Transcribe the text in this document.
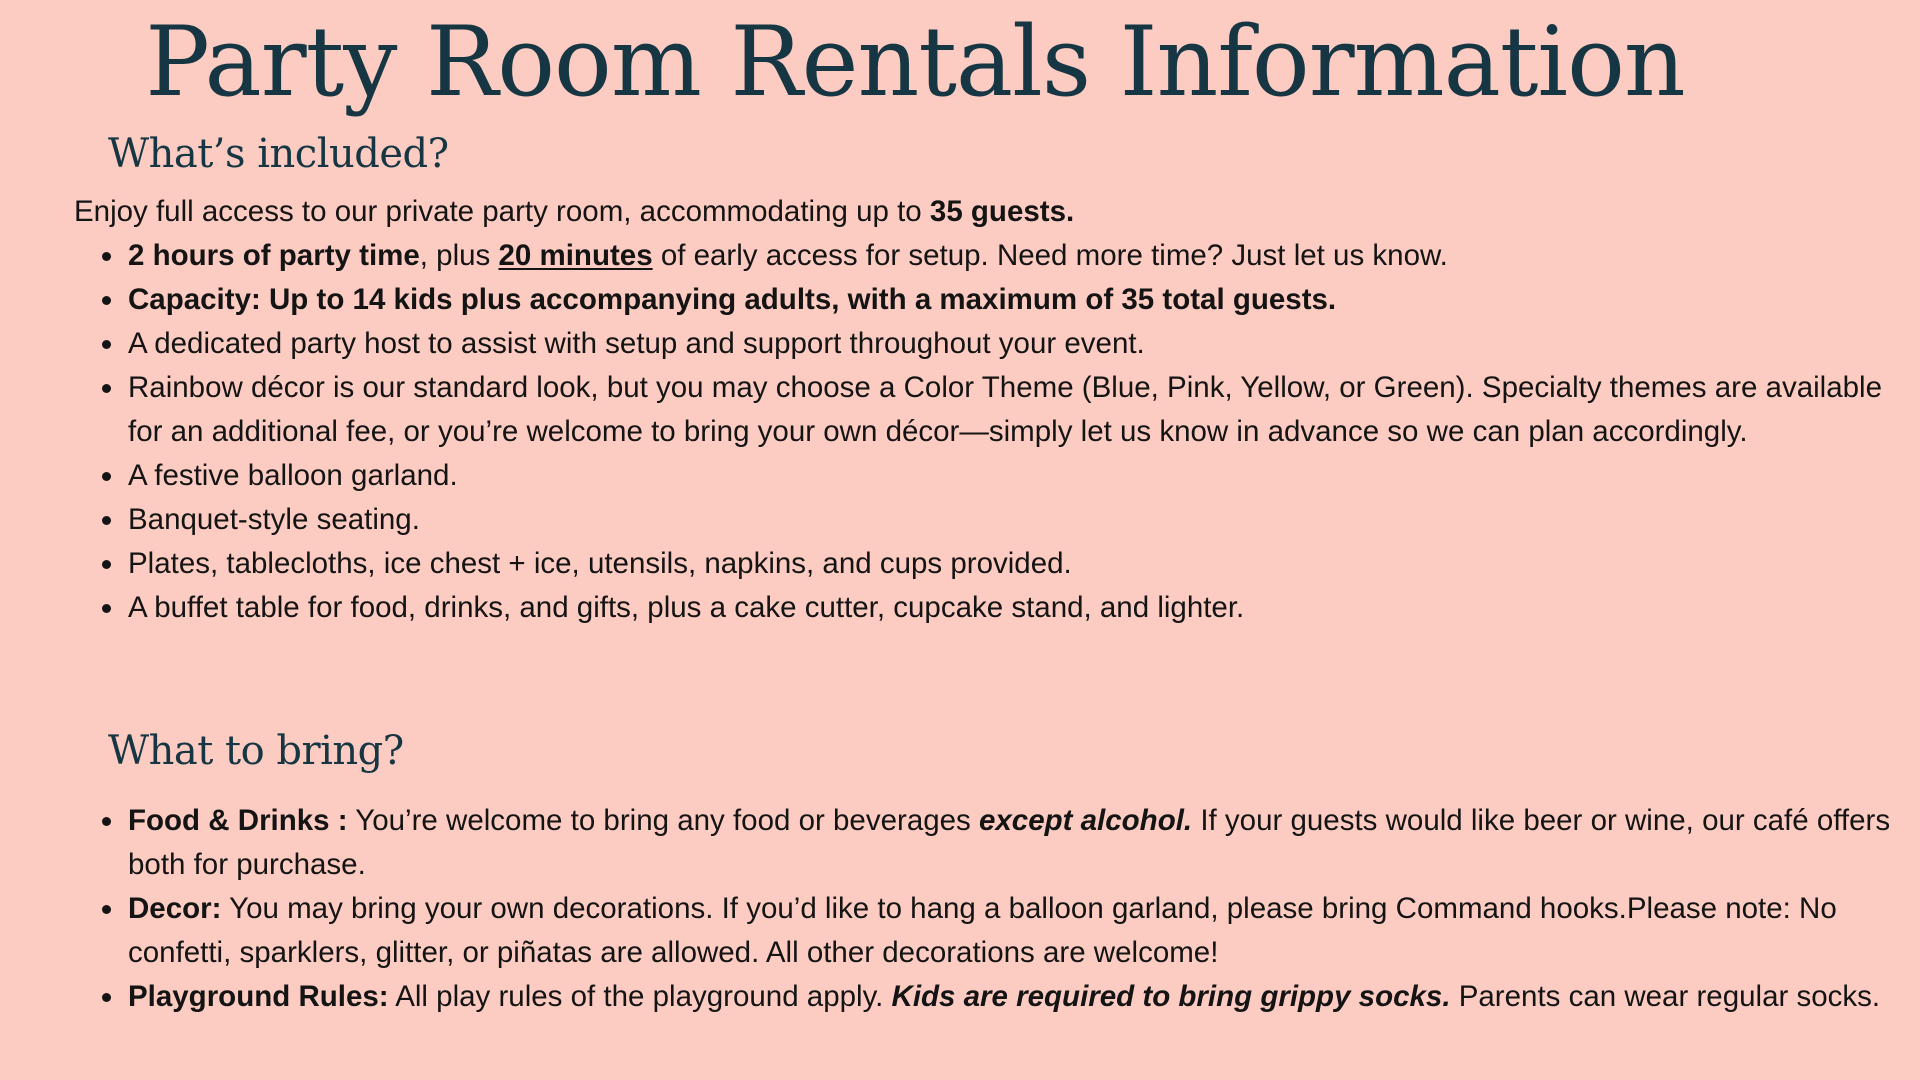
Party Room Rentals Information
What’s included?

Enjoy full access to our private party room, accommodating up to 35 guests.

2 hours of party time, plus 20 minutes of early access for setup. Need more time? Just let us know.
Capacity: Up to 14 kids plus accompanying adults, with a maximum of 35 total guests.
A dedicated party host to assist with setup and support throughout your event.
Rainbow décor is our standard look, but you may choose a Color Theme (Blue, Pink, Yellow, or Green). Specialty themes are available for an additional fee, or you’re welcome to bring your own décor—simply let us know in advance so we can plan accordingly.
A festive balloon garland.
Banquet-style seating.
Plates, tablecloths, ice chest + ice, utensils, napkins, and cups provided.
A buffet table for food, drinks, and gifts, plus a cake cutter, cupcake stand, and lighter.
What to bring?
Food & Drinks : You’re welcome to bring any food or beverages except alcohol. If your guests would like beer or wine, our café offers both for purchase.
Decor: You may bring your own decorations. If you’d like to hang a balloon garland, please bring Command hooks.Please note: No confetti, sparklers, glitter, or piñatas are allowed. All other decorations are welcome!
Playground Rules: All play rules of the playground apply. Kids are required to bring grippy socks. Parents can wear regular socks.
